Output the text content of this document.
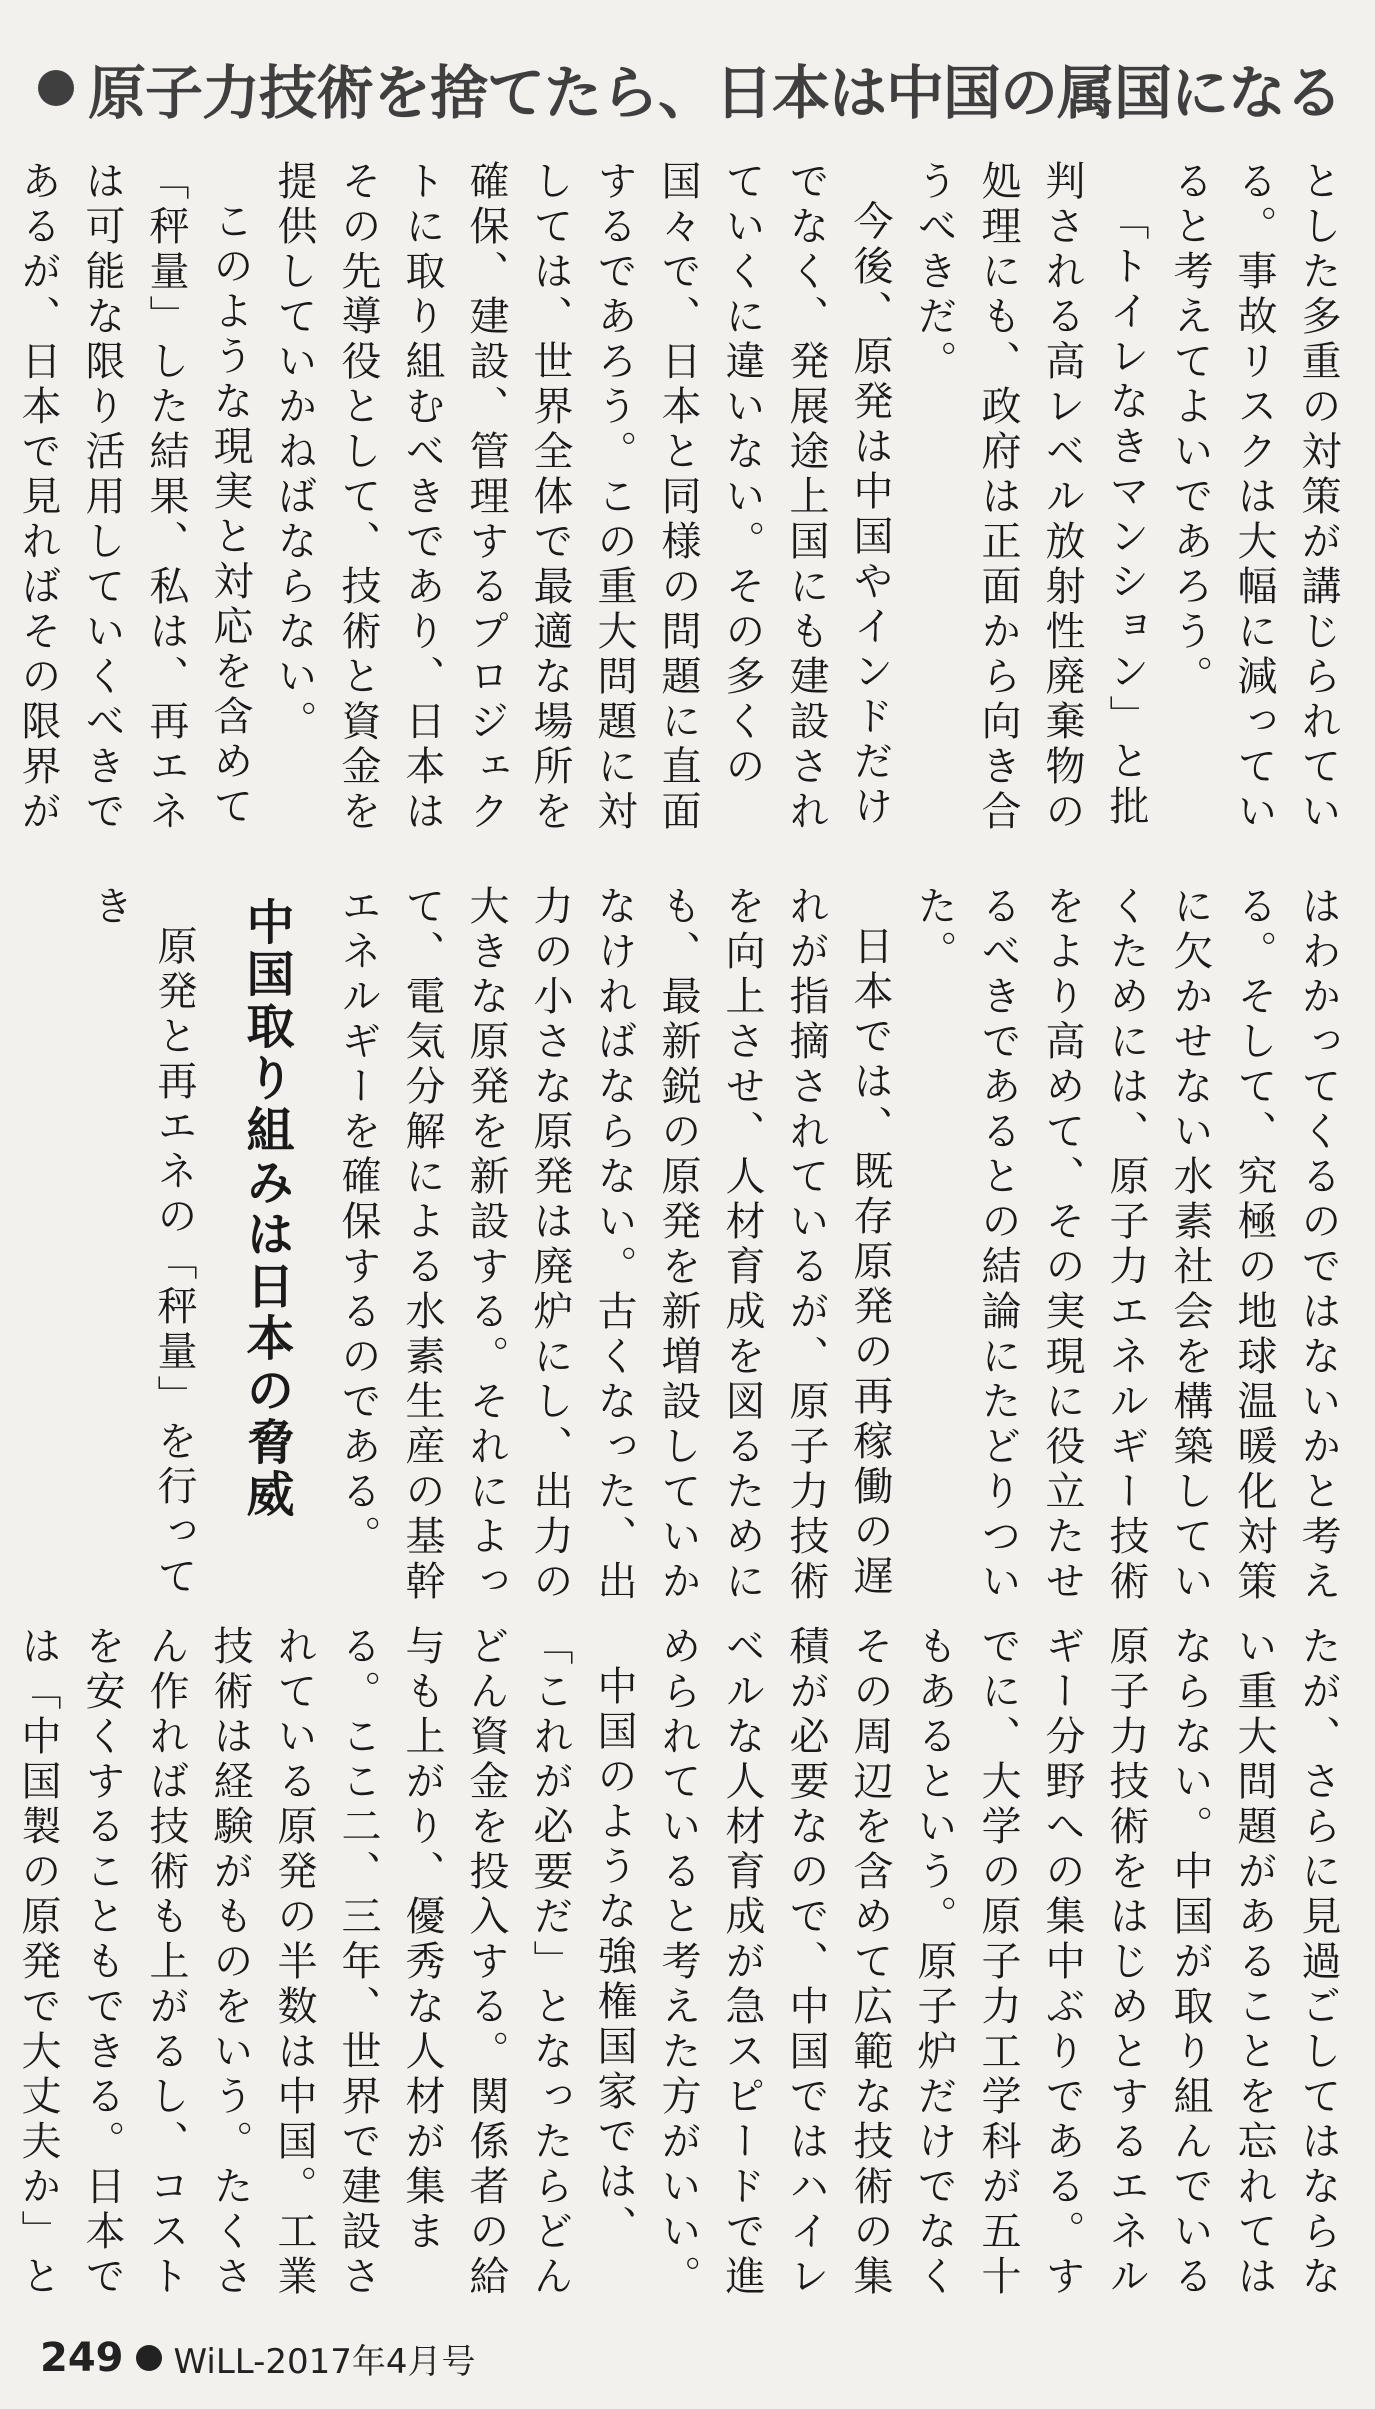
原子力技術を捨てたら、日本は中国の属国になる

とした多重の対策が講じられている。事故リスクは大幅に減っていると考えてよいであろう。

「トイレなきマンション」と批判される高レベル放射性廃棄物の処理にも、政府は正面から向き合うべきだ。

今後、原発は中国やインドだけでなく、発展途上国にも建設されていくに違いない。その多くの国々で、日本と同様の問題に直面するであろう。この重大問題に対しては、世界全体で最適な場所を確保、建設、管理するプロジェクトに取り組むべきであり、日本はその先導役として、技術と資金を提供していかねばならない。

このような現実と対応を含めて「秤量」した結果、私は、再エネは可能な限り活用していくべきであるが、日本で見ればその限界が

はわかってくるのではないかと考える。そして、究極の地球温暖化対策に欠かせない水素社会を構築していくためには、原子力エネルギー技術をより高めて、その実現に役立たせるべきであるとの結論にたどりついた。

日本では、既存原発の再稼働の遅れが指摘されているが、原子力技術を向上させ、人材育成を図るためにも、最新鋭の原発を新増設していかなければならない。古くなった、出力の小さな原発は廃炉にし、出力の大きな原発を新設する。それによって、電気分解による水素生産の基幹エネルギーを確保するのである。

中国取り組みは日本の脅威

原発と再エネの「秤量」を行ってき

たが、さらに見過ごしてはならない重大問題があることを忘れてはならない。中国が取り組んでいる原子力技術をはじめとするエネルギー分野への集中ぶりである。すでに、大学の原子力工学科が五十もあるという。原子炉だけでなくその周辺を含めて広範な技術の集積が必要なので、中国ではハイレベルな人材育成が急スピードで進められていると考えた方がいい。

中国のような強権国家では、「これが必要だ」となったらどんどん資金を投入する。関係者の給与も上がり、優秀な人材が集まる。ここ二、三年、世界で建設されている原発の半数は中国。工業技術は経験がものをいう。たくさん作れば技術も上がるし、コストを安くすることもできる。日本では「中国製の原発で大丈夫か」と

249 WiLL-2017年4月号
